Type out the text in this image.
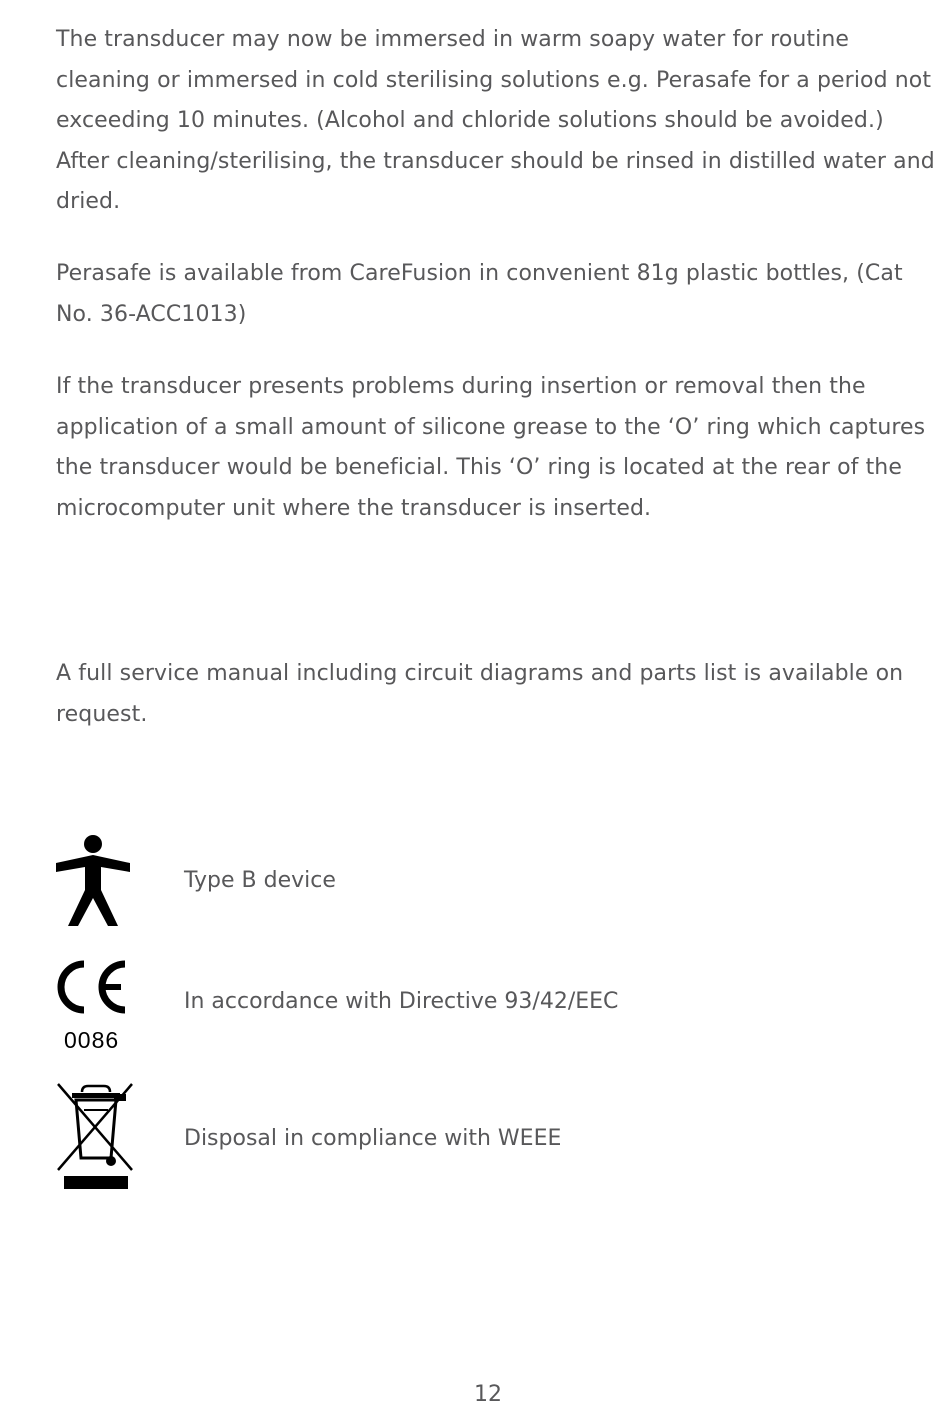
The transducer may now be immersed in warm soapy water for routine cleaning or immersed in cold sterilising solutions e.g. Perasafe for a period not exceeding 10 minutes. (Alcohol and chloride solutions should be avoided.) After cleaning/sterilising, the transducer should be rinsed in distilled water and dried.

Perasafe is available from CareFusion in convenient 81g plastic bottles, (Cat No. 36-ACC1013)

If the transducer presents problems during insertion or removal then the application of a small amount of silicone grease to the ‘O’ ring which captures the transducer would be beneficial. This ‘O’ ring is located at the rear of the microcomputer unit where the transducer is inserted.

A full service manual including circuit diagrams and parts list is available on request.

Type B device
0086
In accordance with Directive 93/42/EEC
Disposal in compliance with WEEE
12
